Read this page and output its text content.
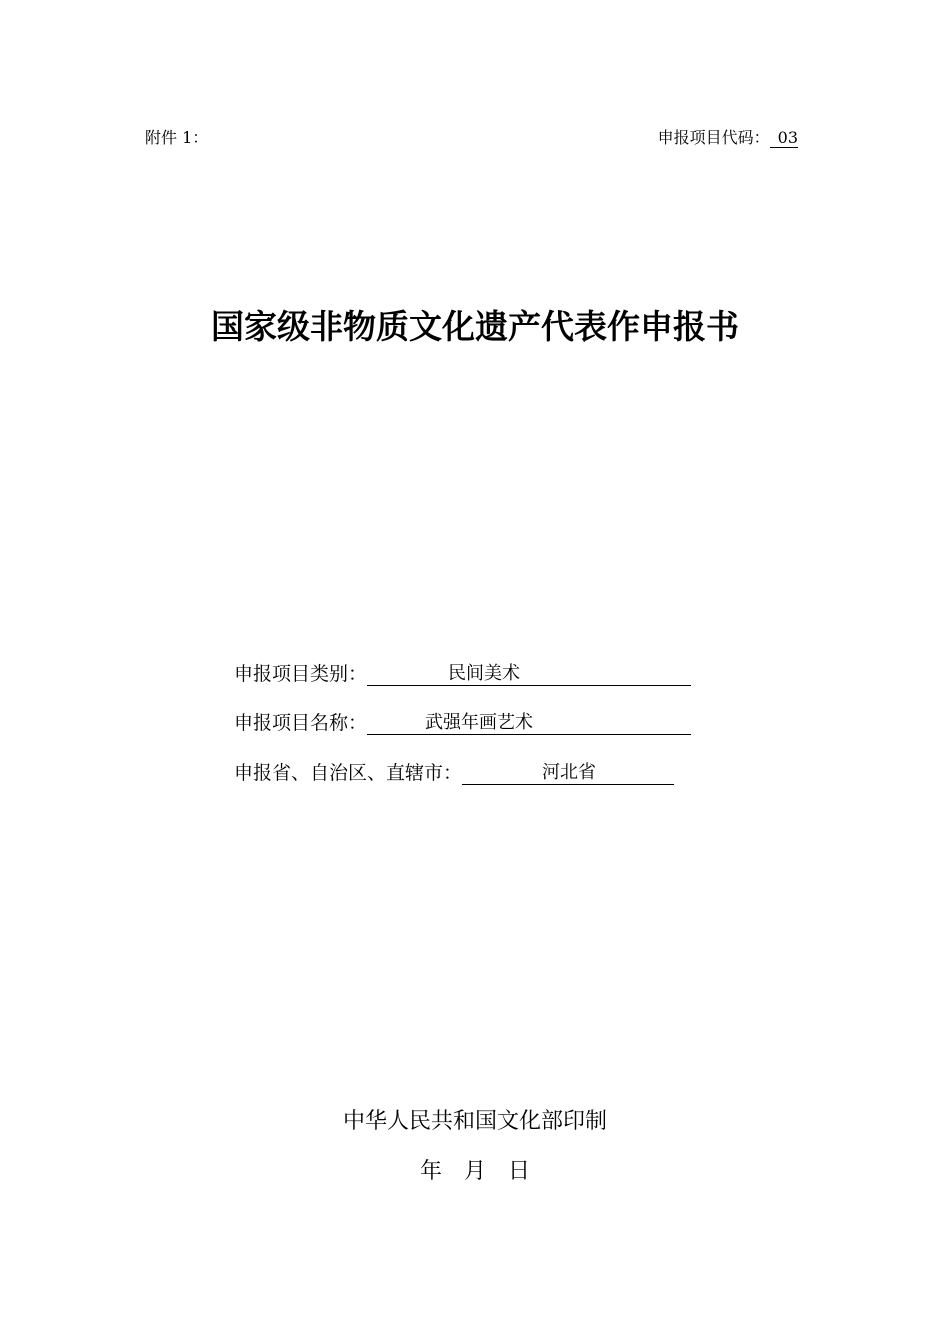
附件 1：	申报项目代码： 03
国家级非物质文化遗产代表作申报书
申报项目类别：	民间美术
申报项目名称：	武强年画艺术
申报省、自治区、直辖市：	河北省
中华人民共和国文化部印制
年 月 日
